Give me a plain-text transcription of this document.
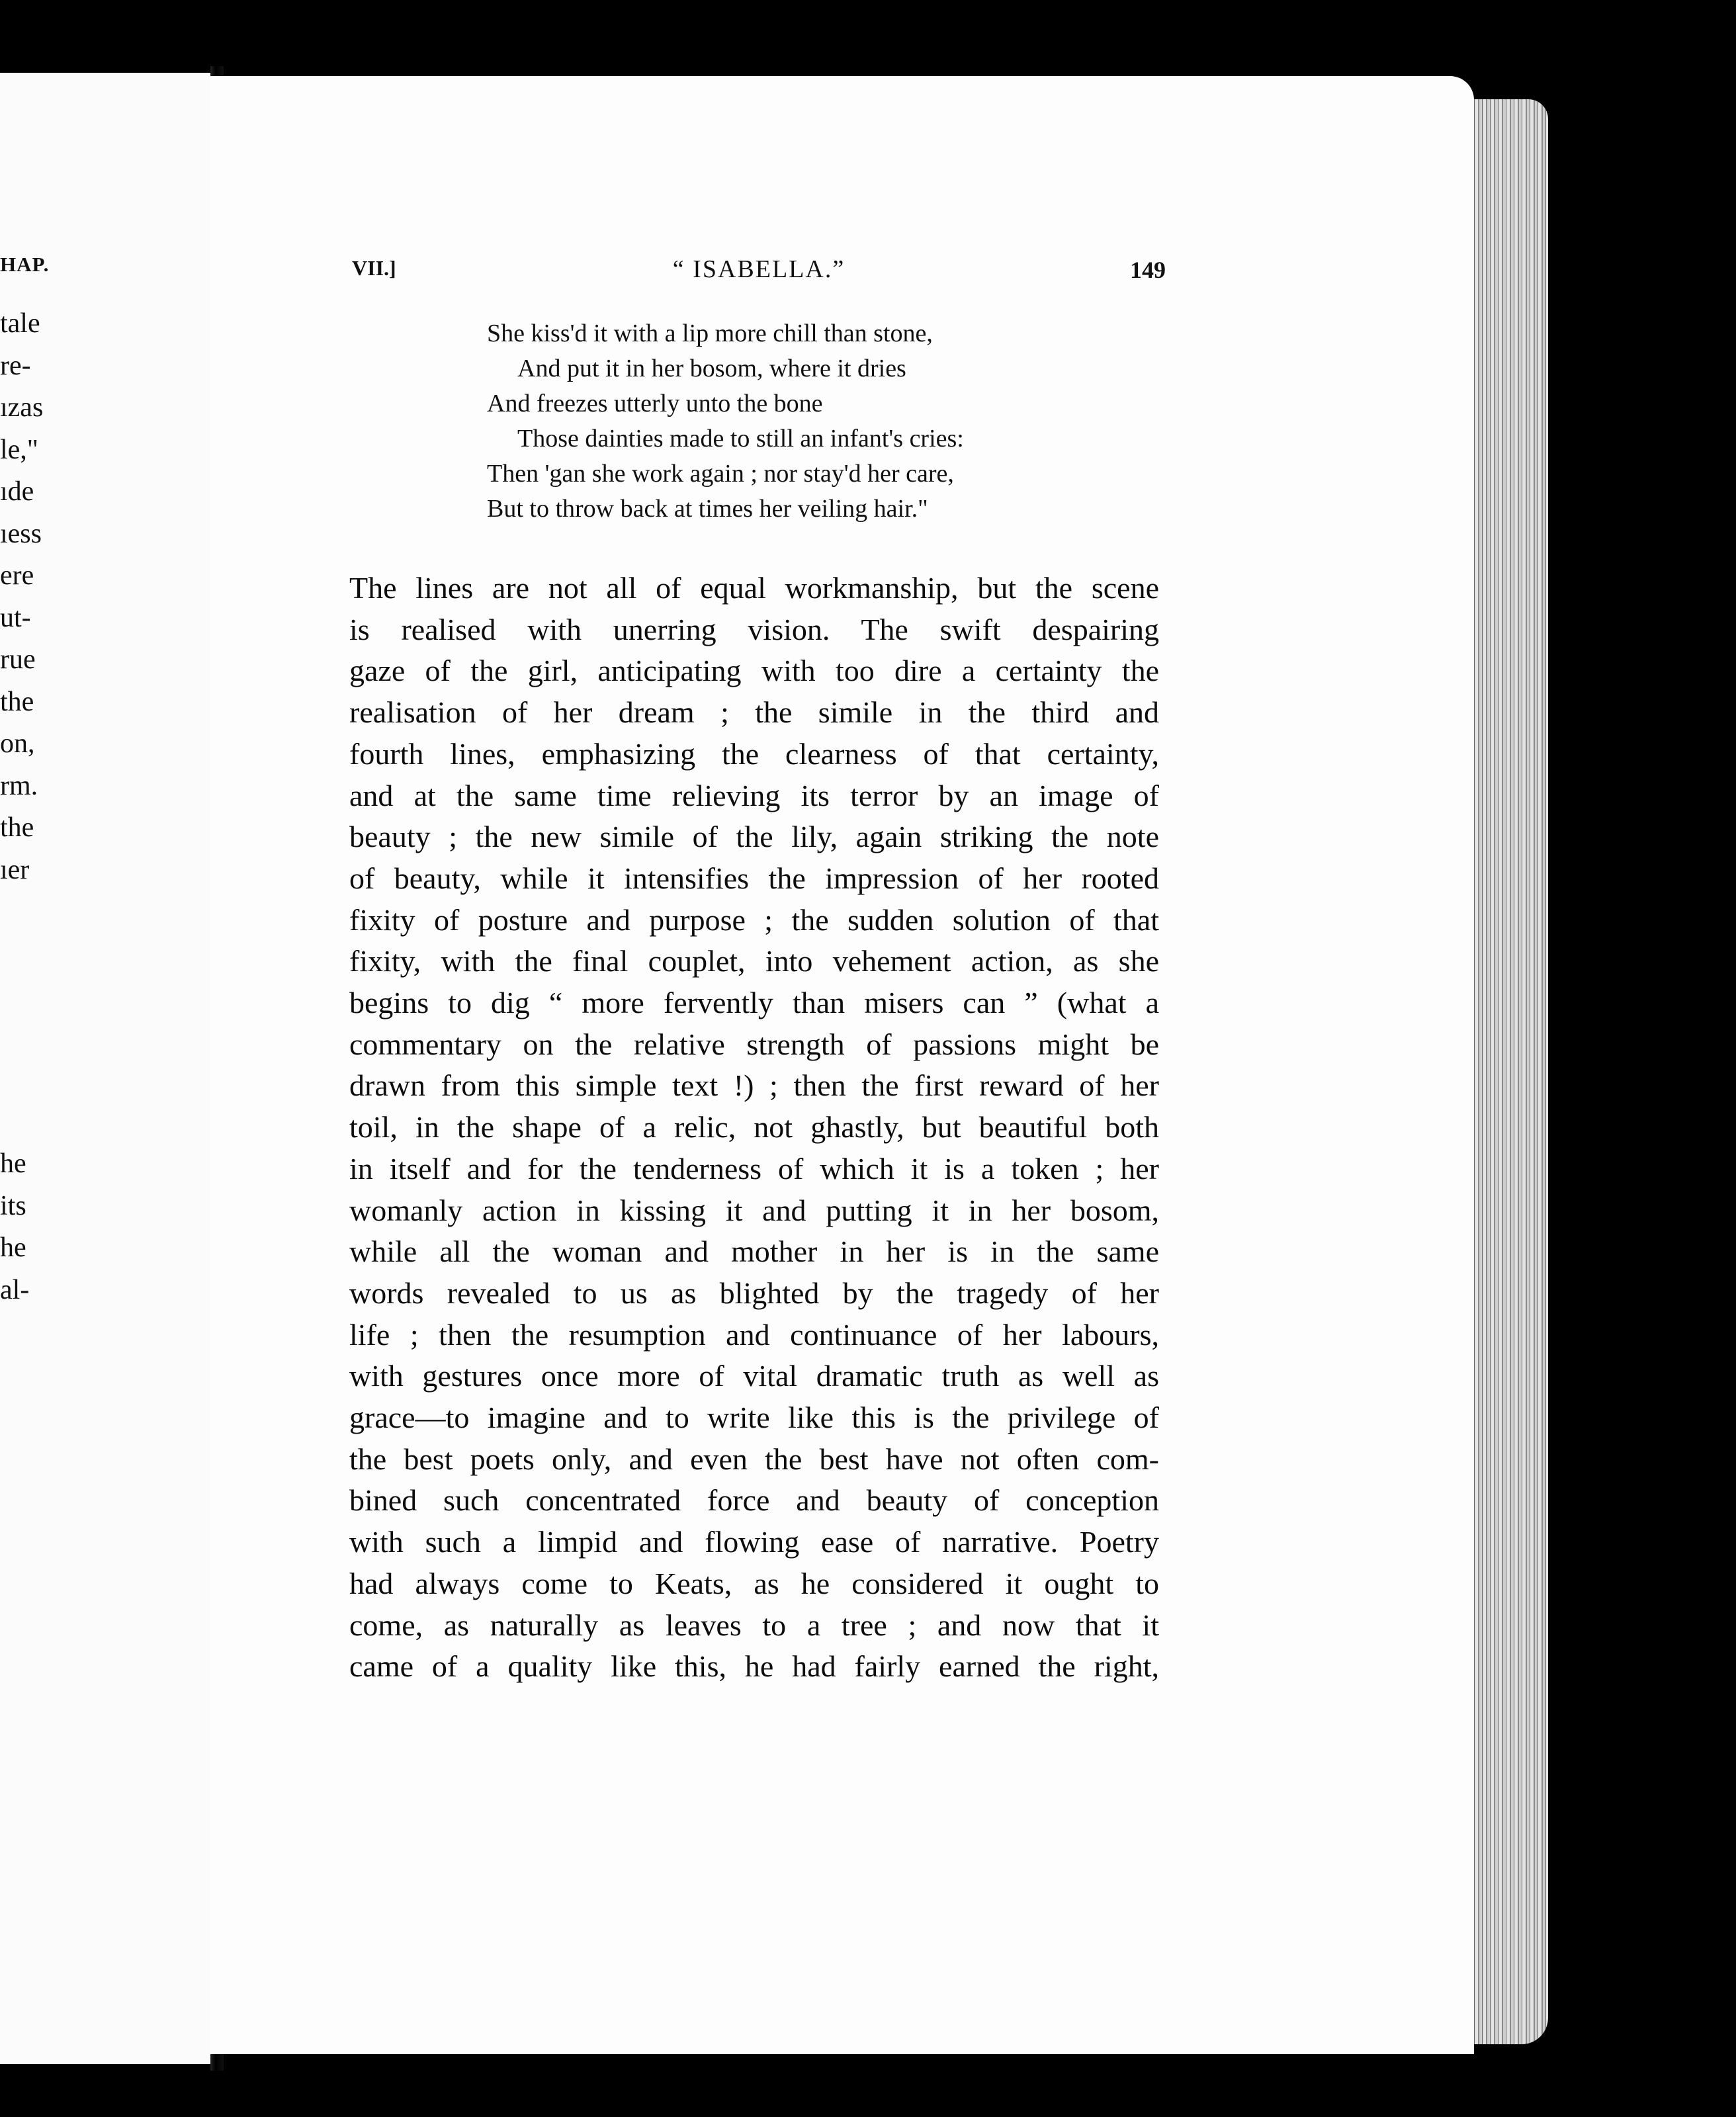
HAP.
tale
re-
ızas
le,"
ıde
ıess
ere
ut-
rue
the
on,
rm.
the
ıer
he
its
he
al-
VII.]	“ ISABELLA.”	149
She kiss'd it with a lip more chill than stone,
And put it in her bosom, where it dries
And freezes utterly unto the bone
Those dainties made to still an infant's cries:
Then 'gan she work again ; nor stay'd her care,
But to throw back at times her veiling hair."
The lines are not all of equal workmanship, but the scene
is realised with unerring vision. The swift despairing
gaze of the girl, anticipating with too dire a certainty the
realisation of her dream ; the simile in the third and
fourth lines, emphasizing the clearness of that certainty,
and at the same time relieving its terror by an image of
beauty ; the new simile of the lily, again striking the note
of beauty, while it intensifies the impression of her rooted
fixity of posture and purpose ; the sudden solution of that
fixity, with the final couplet, into vehement action, as she
begins to dig “ more fervently than misers can ” (what a
commentary on the relative strength of passions might be
drawn from this simple text !) ; then the first reward of her
toil, in the shape of a relic, not ghastly, but beautiful both
in itself and for the tenderness of which it is a token ; her
womanly action in kissing it and putting it in her bosom,
while all the woman and mother in her is in the same
words revealed to us as blighted by the tragedy of her
life ; then the resumption and continuance of her labours,
with gestures once more of vital dramatic truth as well as
grace—to imagine and to write like this is the privilege of
the best poets only, and even the best have not often com-
bined such concentrated force and beauty of conception
with such a limpid and flowing ease of narrative. Poetry
had always come to Keats, as he considered it ought to
come, as naturally as leaves to a tree ; and now that it
came of a quality like this, he had fairly earned the right,
